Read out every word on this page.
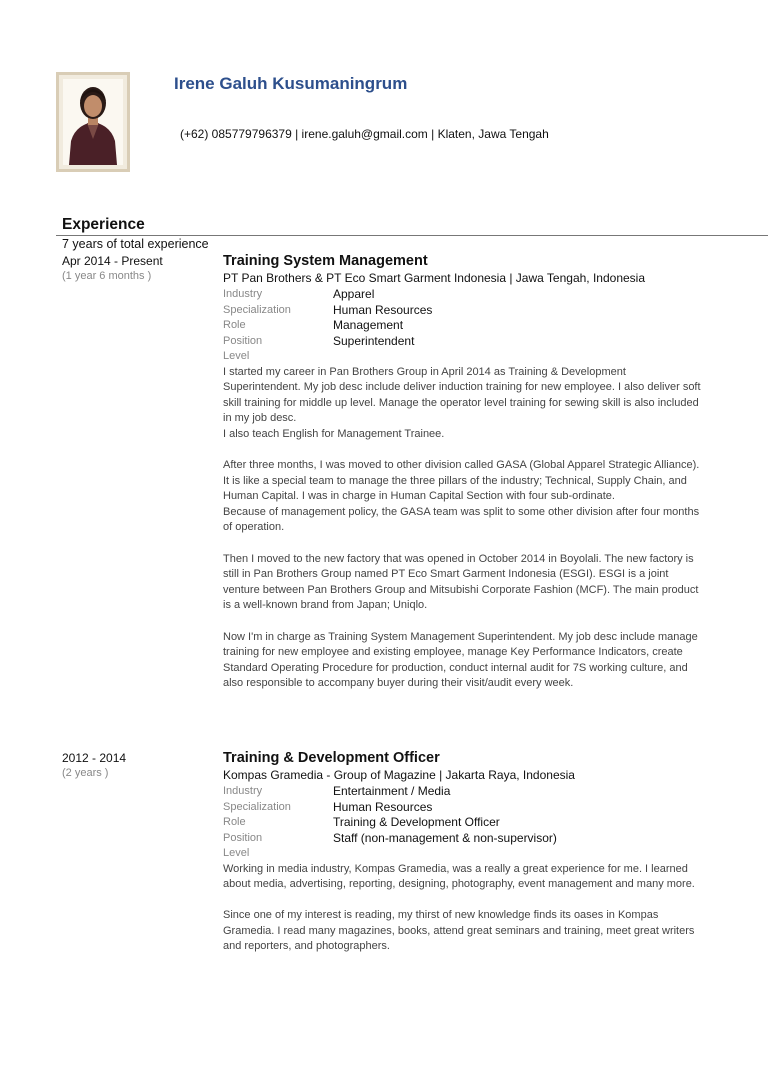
Irene Galuh Kusumaningrum
(+62) 085779796379 | irene.galuh@gmail.com | Klaten, Jawa Tengah
Experience
7 years of total experience
Apr 2014 - Present
(1 year 6 months )
Training System Management
PT Pan Brothers & PT Eco Smart Garment Indonesia | Jawa Tengah, Indonesia
Industry	Apparel

Specialization	Human Resources

Role	Management

Position Level	Superintendent

I started my career in Pan Brothers Group in April 2014 as Training & Development Superintendent. My job desc include deliver induction training for new employee. I also deliver soft skill training for middle up level. Manage the operator level training for sewing skill is also included in my job desc.

I also teach English for Management Trainee.

After three months, I was moved to other division called GASA (Global Apparel Strategic Alliance). It is like a special team to manage the three pillars of the industry; Technical, Supply Chain, and Human Capital. I was in charge in Human Capital Section with four sub-ordinate.

Because of management policy, the GASA team was split to some other division after four months of operation.

Then I moved to the new factory that was opened in October 2014 in Boyolali. The new factory is still in Pan Brothers Group named PT Eco Smart Garment Indonesia (ESGI). ESGI is a joint venture between Pan Brothers Group and Mitsubishi Corporate Fashion (MCF). The main product is a well-known brand from Japan; Uniqlo.

Now I'm in charge as Training System Management Superintendent. My job desc include manage training for new employee and existing employee, manage Key Performance Indicators, create Standard Operating Procedure for production, conduct internal audit for 7S working culture, and also responsible to accompany buyer during their visit/audit every week.

2012 - 2014
(2 years )
Training & Development Officer
Kompas Gramedia - Group of Magazine | Jakarta Raya, Indonesia
Industry	Entertainment / Media

Specialization	Human Resources

Role	Training & Development Officer

Position Level	Staff (non-management & non-supervisor)

Working in media industry, Kompas Gramedia, was a really a great experience for me. I learned about media, advertising, reporting, designing, photography, event management and many more.

Since one of my interest is reading, my thirst of new knowledge finds its oases in Kompas Gramedia. I read many magazines, books, attend great seminars and training, meet great writers and reporters, and photographers.
